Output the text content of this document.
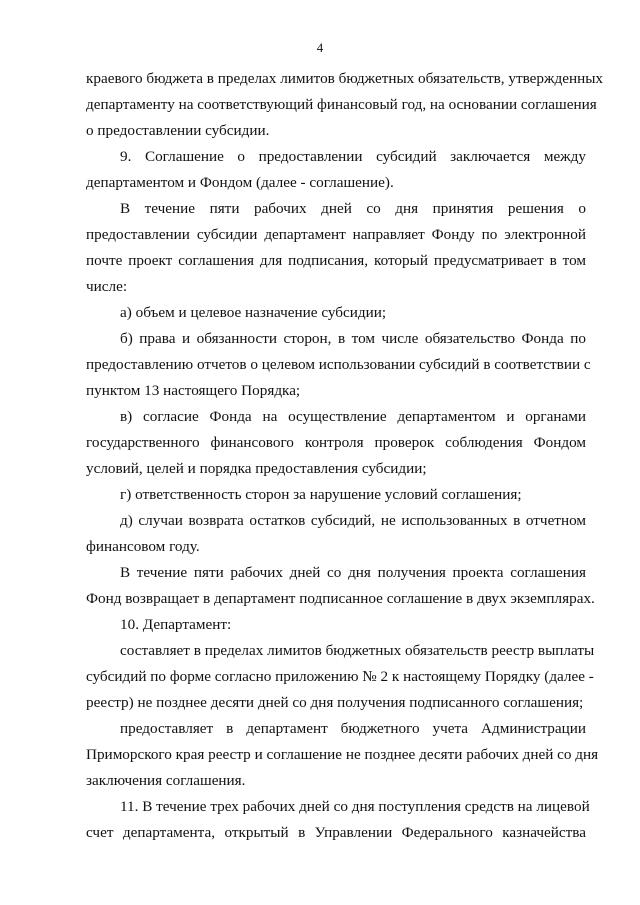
4
краевого бюджета в пределах лимитов бюджетных обязательств, утвержденных
департаменту на соответствующий финансовый год, на основании соглашения
о предоставлении субсидии.
9. Соглашение о предоставлении субсидий заключается между
департаментом и Фондом (далее - соглашение).
В течение пяти рабочих дней со дня принятия решения о
предоставлении субсидии департамент направляет Фонду по электронной
почте проект соглашения для подписания, который предусматривает в том
числе:
а) объем и целевое назначение субсидии;
б) права и обязанности сторон, в том числе обязательство Фонда по
предоставлению отчетов о целевом использовании субсидий в соответствии с
пунктом 13 настоящего Порядка;
в) согласие Фонда на осуществление департаментом и органами
государственного финансового контроля проверок соблюдения Фондом
условий, целей и порядка предоставления субсидии;
г) ответственность сторон за нарушение условий соглашения;
д) случаи возврата остатков субсидий, не использованных в отчетном
финансовом году.
В течение пяти рабочих дней со дня получения проекта соглашения
Фонд возвращает в департамент подписанное соглашение в двух экземплярах.
10. Департамент:
составляет в пределах лимитов бюджетных обязательств реестр выплаты
субсидий по форме согласно приложению № 2 к настоящему Порядку (далее -
реестр) не позднее десяти дней со дня получения подписанного соглашения;
предоставляет в департамент бюджетного учета Администрации
Приморского края реестр и соглашение не позднее десяти рабочих дней со дня
заключения соглашения.
11. В течение трех рабочих дней со дня поступления средств на лицевой
счет департамента, открытый в Управлении Федерального казначейства
